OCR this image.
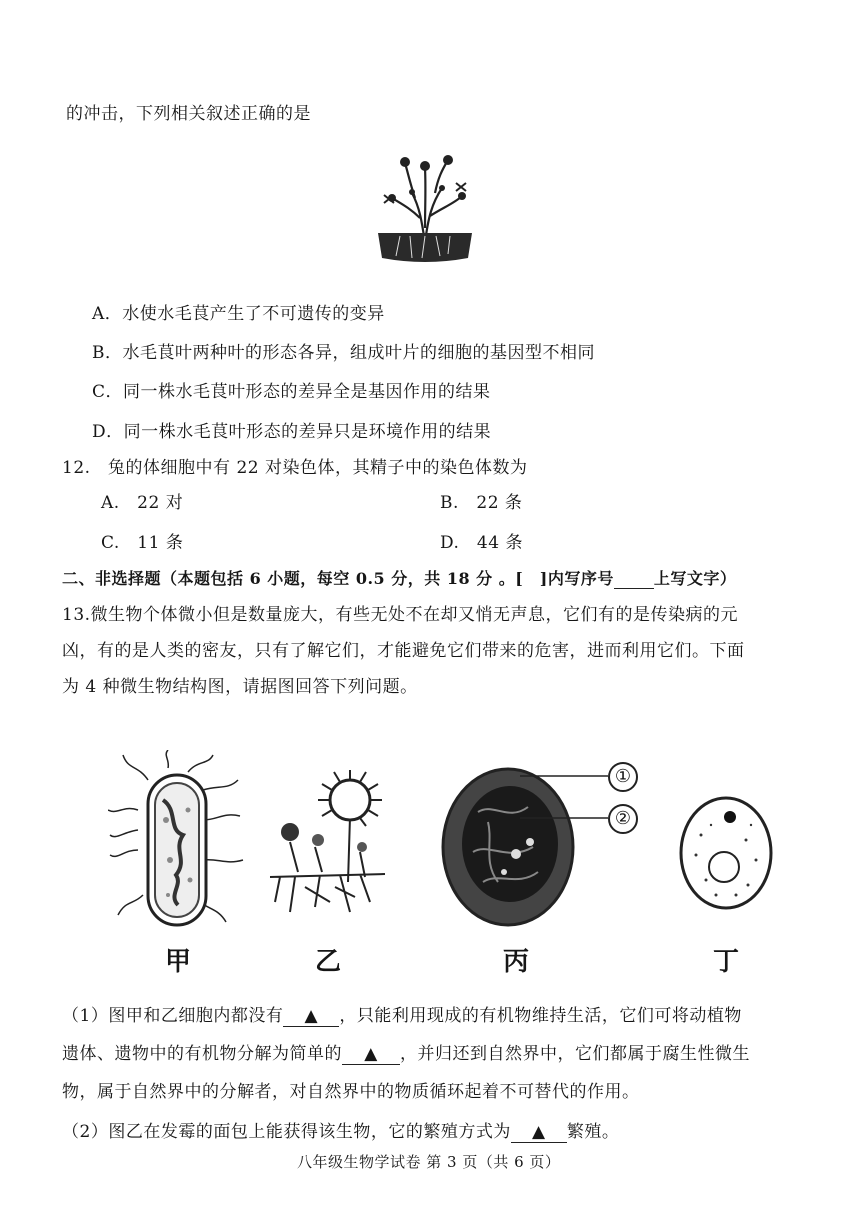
的冲击，下列相关叙述正确的是
A．水使水毛茛产生了不可遗传的变异
B．水毛茛叶两种叶的形态各异，组成叶片的细胞的基因型不相同
C．同一株水毛茛叶形态的差异全是基因作用的结果
D．同一株水毛茛叶形态的差异只是环境作用的结果
12.　兔的体细胞中有 22 对染色体，其精子中的染色体数为
A.　22 对	B.　22 条
C.　11 条	D.　44 条
二、非选择题（本题包括 6 小题，每空 0.5 分，共 18 分 。[　]内写序号	上写文字）
13.微生物个体微小但是数量庞大，有些无处不在却又悄无声息，它们有的是传染病的元
凶，有的是人类的密友，只有了解它们，才能避免它们带来的危害，进而利用它们。下面
为 4 种微生物结构图，请据图回答下列问题。
①
②
甲	乙	丙	丁
（1）图甲和乙细胞内都没有 ▲ ，只能利用现成的有机物维持生活，它们可将动植物
遗体、遗物中的有机物分解为简单的 ▲ ，并归还到自然界中，它们都属于腐生性微生
物，属于自然界中的分解者，对自然界中的物质循环起着不可替代的作用。
（2）图乙在发霉的面包上能获得该生物，它的繁殖方式为 ▲ 繁殖。
八年级生物学试卷 第 3 页（共 6 页）
